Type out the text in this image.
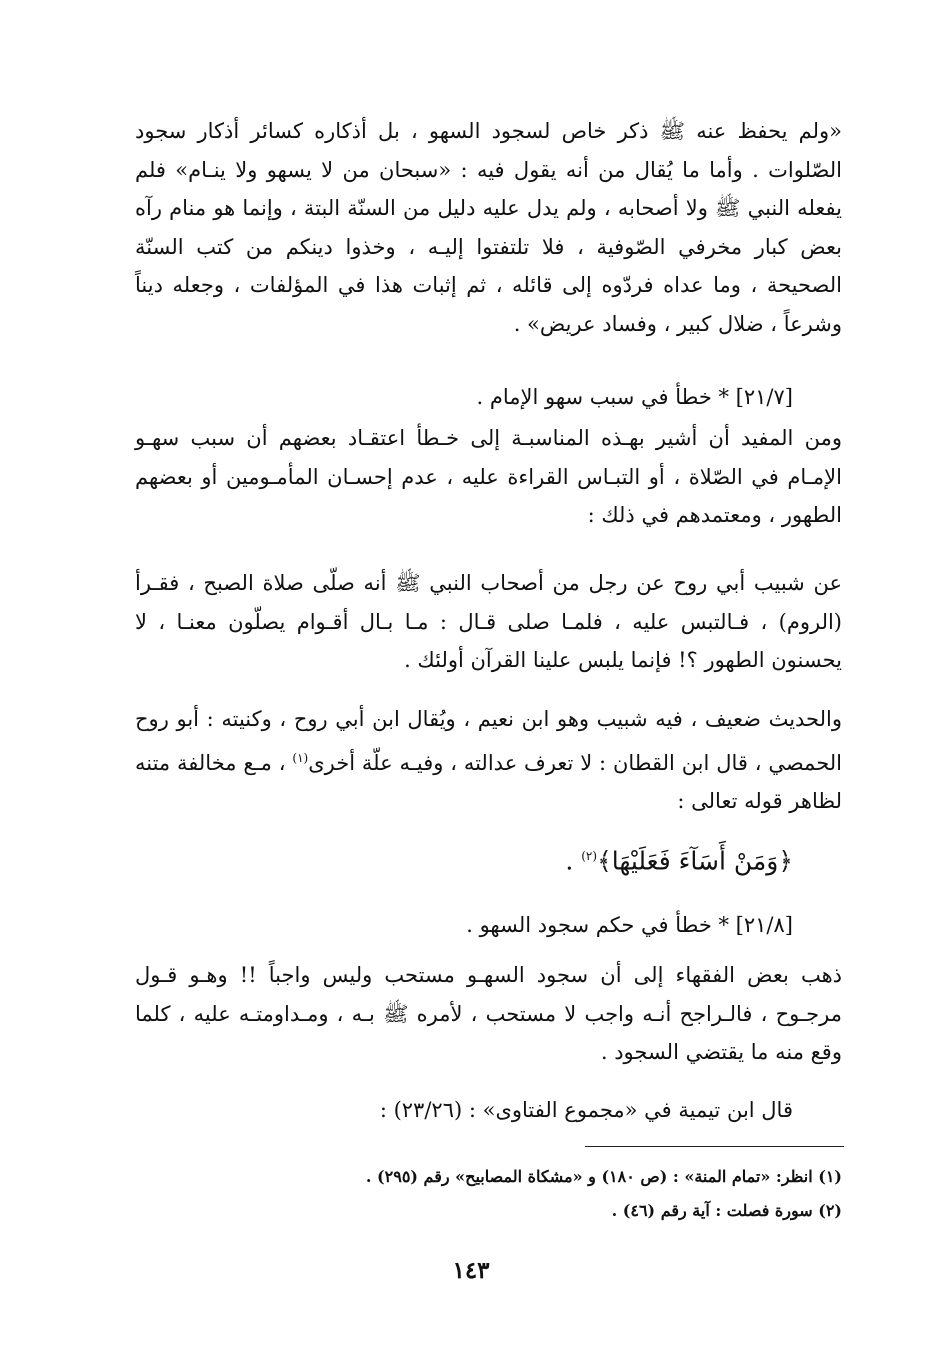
«ولم يحفظ عنه ﷺ ذكر خاص لسجود السهو ، بل أذكاره كسائر أذكار سجود الصّلوات . وأما ما يُقال من أنه يقول فيه : «سبحان من لا يسهو ولا ينـام» فلم يفعله النبي ﷺ ولا أصحابه ، ولم يدل عليه دليل من السنّة البتة ، وإنما هو منام رآه بعض كبار مخرفي الصّوفية ، فلا تلتفتوا إليـه ، وخذوا دينكم من كتب السنّة الصحيحة ، وما عداه فردّوه إلى قائله ، ثم إثبات هذا في المؤلفات ، وجعله ديناً وشرعاً ، ضلال كبير ، وفساد عريض» .

[٢١/٧] * خطأ في سبب سهو الإمام .

ومن المفيد أن أشير بهـذه المناسبـة إلى خـطأ اعتقـاد بعضهم أن سبب سهـو الإمـام في الصّلاة ، أو التبـاس القراءة عليه ، عدم إحسـان المأمـومين أو بعضهم الطهور ، ومعتمدهم في ذلك :

عن شبيب أبي روح عن رجل من أصحاب النبي ﷺ أنه صلّى صلاة الصبح ، فقـرأ (الروم) ، فـالتبس عليه ، فلمـا صلى قـال : مـا بـال أقـوام يصلّون معنـا ، لا يحسنون الطهور ؟! فإنما يلبس علينا القرآن أولئك .

والحديث ضعيف ، فيه شبيب وهو ابن نعيم ، ويُقال ابن أبي روح ، وكنيته : أبو روح الحمصي ، قال ابن القطان : لا تعرف عدالته ، وفيـه علّة أخرى$^{(١)}$ ، مـع مخالفة متنه لظاهر قوله تعالى :

﴿وَمَنْ أَسَآءَ فَعَلَيْهَا﴾$^{(٢)}$ .
[٢١/٨] * خطأ في حكم سجود السهو .

ذهب بعض الفقهاء إلى أن سجود السهـو مستحب وليس واجباً !! وهـو قـول مرجـوح ، فالـراجح أنـه واجب لا مستحب ، لأمره ﷺ بـه ، ومـداومتـه عليه ، كلما وقع منه ما يقتضي السجود .

قال ابن تيمية في «مجموع الفتاوى» : (٢٣/٢٦) :
(١) انظر: «تمام المنة» : (ص ١٨٠) و «مشكاة المصابيح» رقم (٢٩٥) .
(٢) سورة فصلت : آية رقم (٤٦) .
١٤٣
